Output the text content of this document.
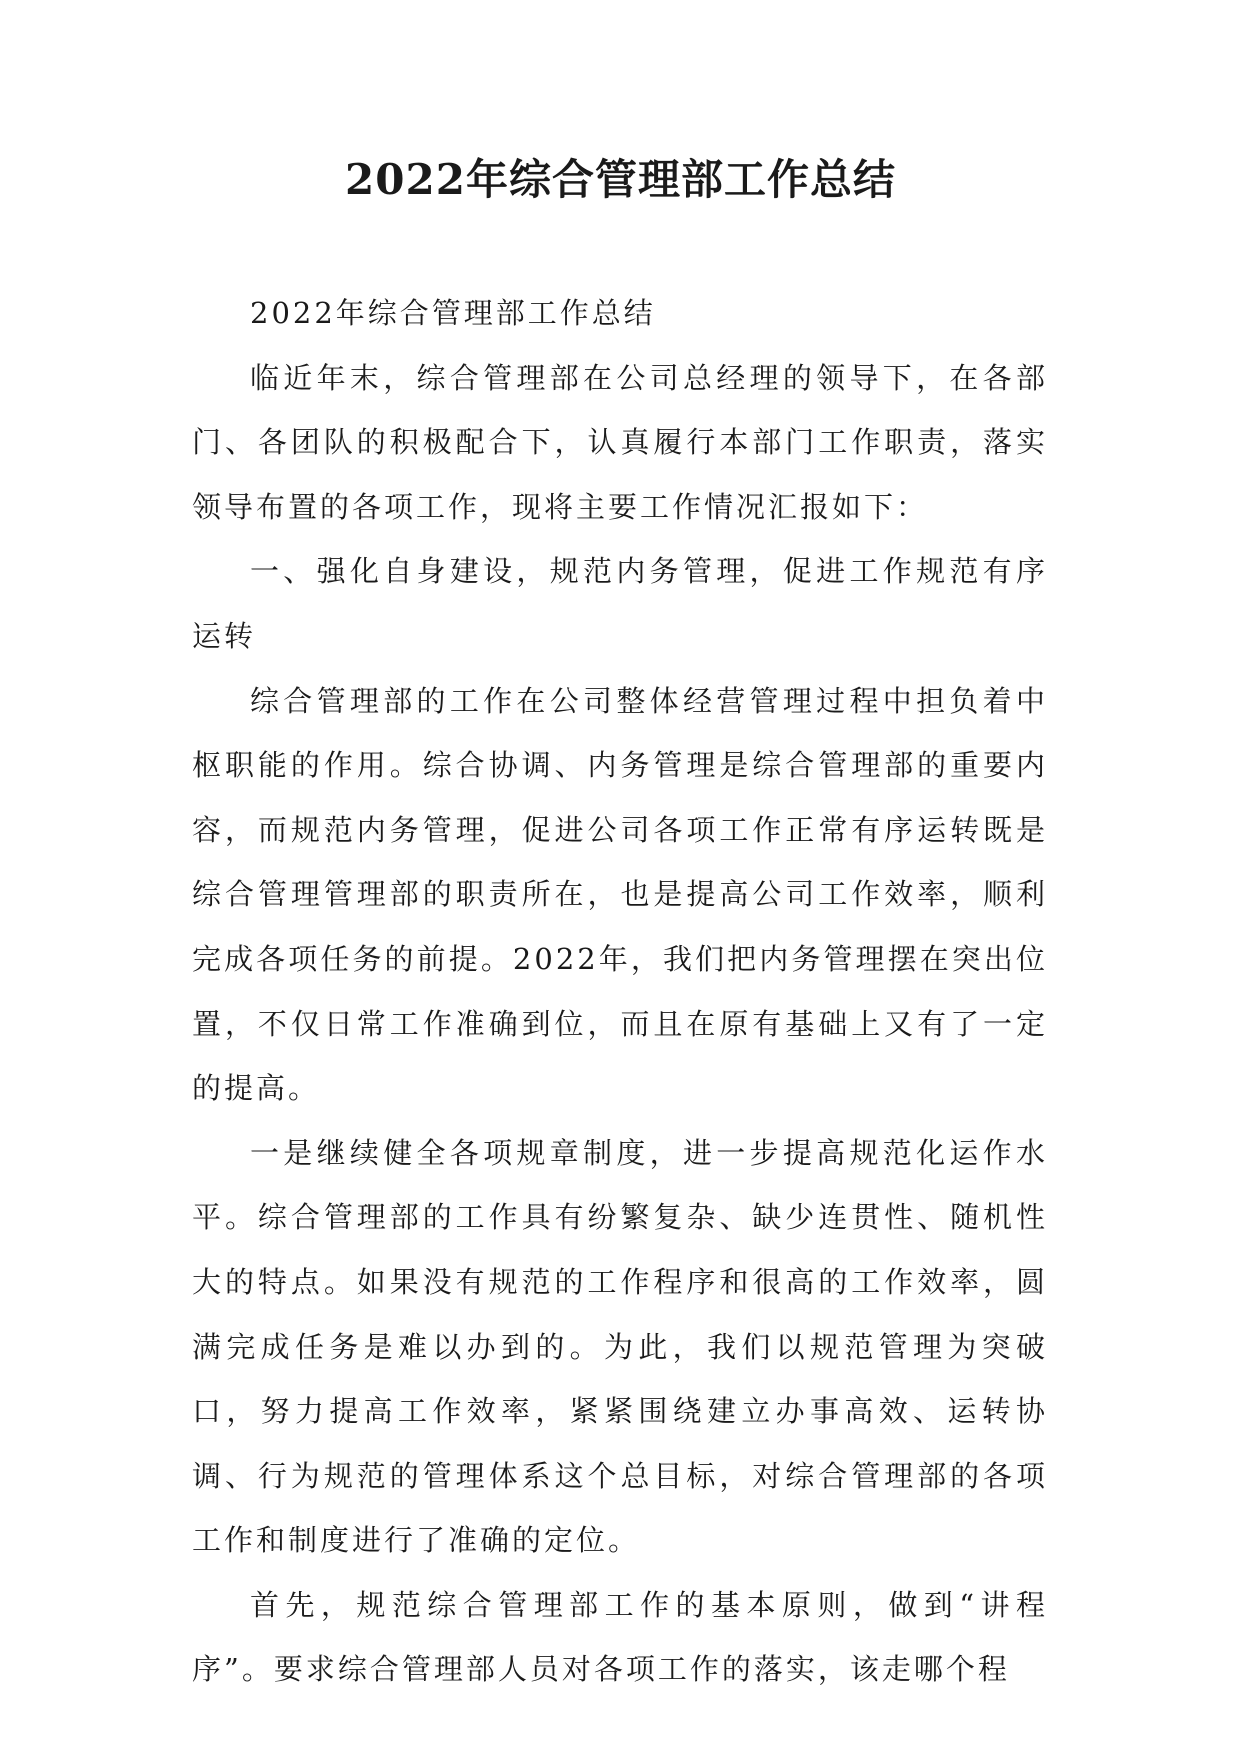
2022年综合管理部工作总结

2022年综合管理部工作总结

临近年末，综合管理部在公司总经理的领导下，在各部门、各团队的积极配合下，认真履行本部门工作职责，落实领导布置的各项工作，现将主要工作情况汇报如下：

一、强化自身建设，规范内务管理，促进工作规范有序运转

综合管理部的工作在公司整体经营管理过程中担负着中枢职能的作用。综合协调、内务管理是综合管理部的重要内容，而规范内务管理，促进公司各项工作正常有序运转既是综合管理管理部的职责所在，也是提高公司工作效率，顺利完成各项任务的前提。2022年，我们把内务管理摆在突出位置，不仅日常工作准确到位，而且在原有基础上又有了一定的提高。

一是继续健全各项规章制度，进一步提高规范化运作水平。综合管理部的工作具有纷繁复杂、缺少连贯性、随机性大的特点。如果没有规范的工作程序和很高的工作效率，圆满完成任务是难以办到的。为此，我们以规范管理为突破口，努力提高工作效率，紧紧围绕建立办事高效、运转协调、行为规范的管理体系这个总目标，对综合管理部的各项工作和制度进行了准确的定位。

首先，规范综合管理部工作的基本原则，做到“讲程序”。要求综合管理部人员对各项工作的落实，该走哪个程
